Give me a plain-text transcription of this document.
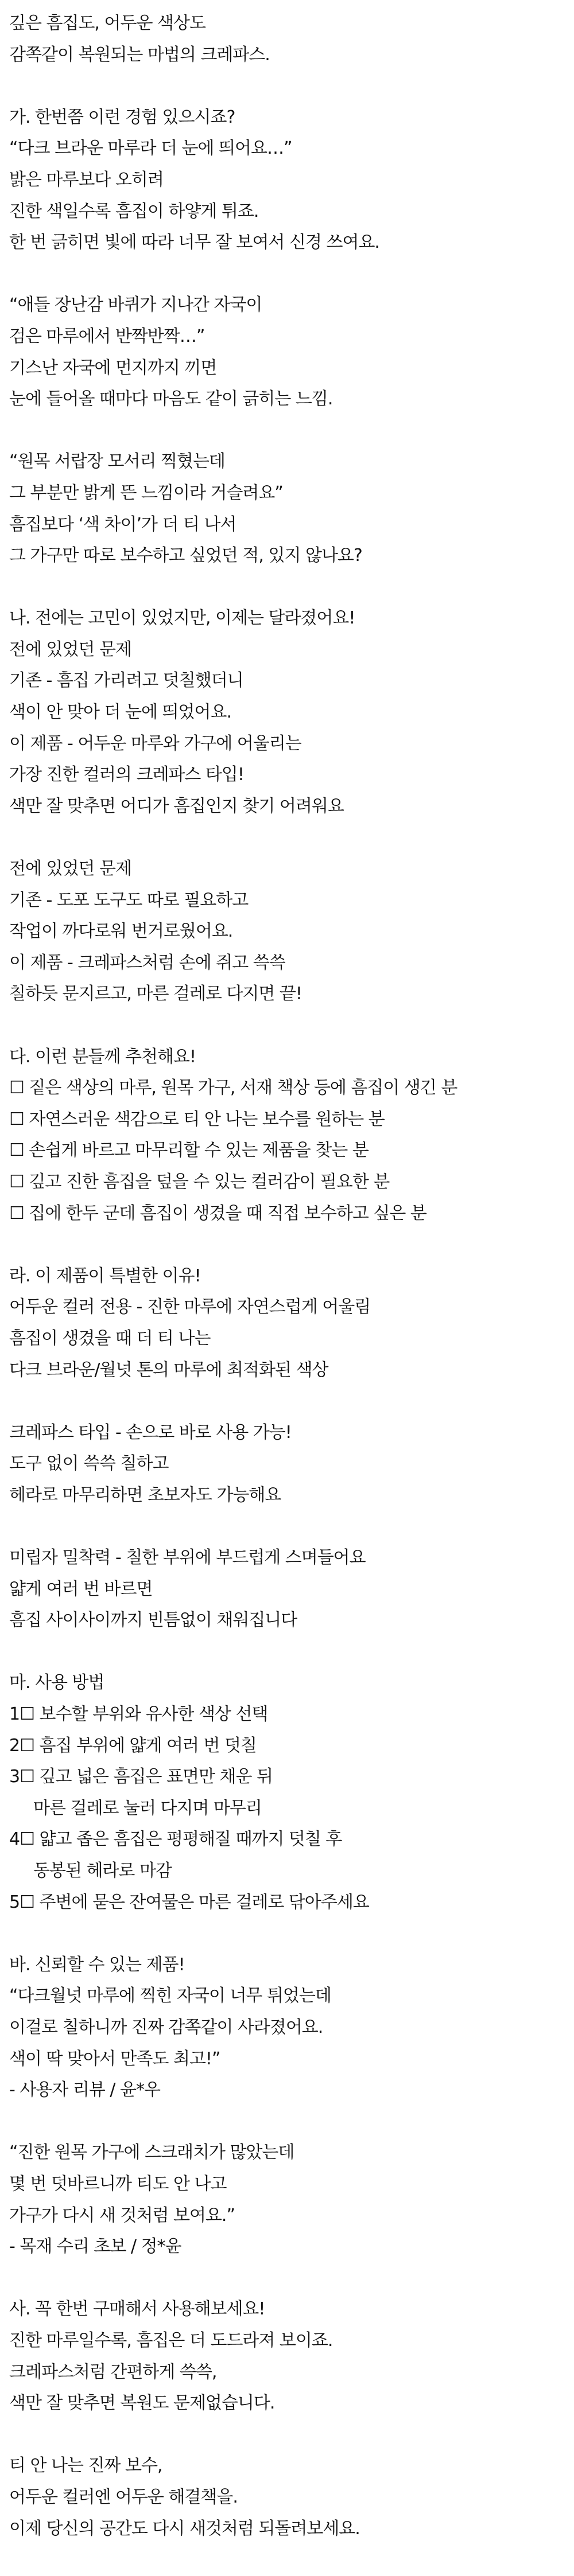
깊은 흠집도, 어두운 색상도
감쪽같이 복원되는 마법의 크레파스.
가. 한번쯤 이런 경험 있으시죠?
“다크 브라운 마루라 더 눈에 띄어요…”
밝은 마루보다 오히려
진한 색일수록 흠집이 하얗게 튀죠.
한 번 긁히면 빛에 따라 너무 잘 보여서 신경 쓰여요.
“애들 장난감 바퀴가 지나간 자국이
검은 마루에서 반짝반짝…”
기스난 자국에 먼지까지 끼면
눈에 들어올 때마다 마음도 같이 긁히는 느낌.
“원목 서랍장 모서리 찍혔는데
그 부분만 밝게 뜬 느낌이라 거슬려요”
흠집보다 ‘색 차이’가 더 티 나서
그 가구만 따로 보수하고 싶었던 적, 있지 않나요?
나. 전에는 고민이 있었지만, 이제는 달라졌어요!
전에 있었던 문제
기존 - 흠집 가리려고 덧칠했더니
색이 안 맞아 더 눈에 띄었어요.
이 제품 - 어두운 마루와 가구에 어울리는
가장 진한 컬러의 크레파스 타입!
색만 잘 맞추면 어디가 흠집인지 찾기 어려워요
전에 있었던 문제
기존 - 도포 도구도 따로 필요하고
작업이 까다로워 번거로웠어요.
이 제품 - 크레파스처럼 손에 쥐고 쓱쓱
칠하듯 문지르고, 마른 걸레로 다지면 끝!
다. 이런 분들께 추천해요!
☐ 짙은 색상의 마루, 원목 가구, 서재 책상 등에 흠집이 생긴 분
☐ 자연스러운 색감으로 티 안 나는 보수를 원하는 분
☐ 손쉽게 바르고 마무리할 수 있는 제품을 찾는 분
☐ 깊고 진한 흠집을 덮을 수 있는 컬러감이 필요한 분
☐ 집에 한두 군데 흠집이 생겼을 때 직접 보수하고 싶은 분
라. 이 제품이 특별한 이유!
어두운 컬러 전용 - 진한 마루에 자연스럽게 어울림
흠집이 생겼을 때 더 티 나는
다크 브라운/월넛 톤의 마루에 최적화된 색상
크레파스 타입 - 손으로 바로 사용 가능!
도구 없이 쓱쓱 칠하고
헤라로 마무리하면 초보자도 가능해요
미립자 밀착력 - 칠한 부위에 부드럽게 스며들어요
얇게 여러 번 바르면
흠집 사이사이까지 빈틈없이 채워집니다
마. 사용 방법
1☐ 보수할 부위와 유사한 색상 선택
2☐ 흠집 부위에 얇게 여러 번 덧칠
3☐ 깊고 넓은 흠집은 표면만 채운 뒤
마른 걸레로 눌러 다지며 마무리
4☐ 얇고 좁은 흠집은 평평해질 때까지 덧칠 후
동봉된 헤라로 마감
5☐ 주변에 묻은 잔여물은 마른 걸레로 닦아주세요
바. 신뢰할 수 있는 제품!
“다크월넛 마루에 찍힌 자국이 너무 튀었는데
이걸로 칠하니까 진짜 감쪽같이 사라졌어요.
색이 딱 맞아서 만족도 최고!”
- 사용자 리뷰 / 윤*우
“진한 원목 가구에 스크래치가 많았는데
몇 번 덧바르니까 티도 안 나고
가구가 다시 새 것처럼 보여요.”
- 목재 수리 초보 / 정*윤
사. 꼭 한번 구매해서 사용해보세요!
진한 마루일수록, 흠집은 더 도드라져 보이죠.
크레파스처럼 간편하게 쓱쓱,
색만 잘 맞추면 복원도 문제없습니다.
티 안 나는 진짜 보수,
어두운 컬러엔 어두운 해결책을.
이제 당신의 공간도 다시 새것처럼 되돌려보세요.
